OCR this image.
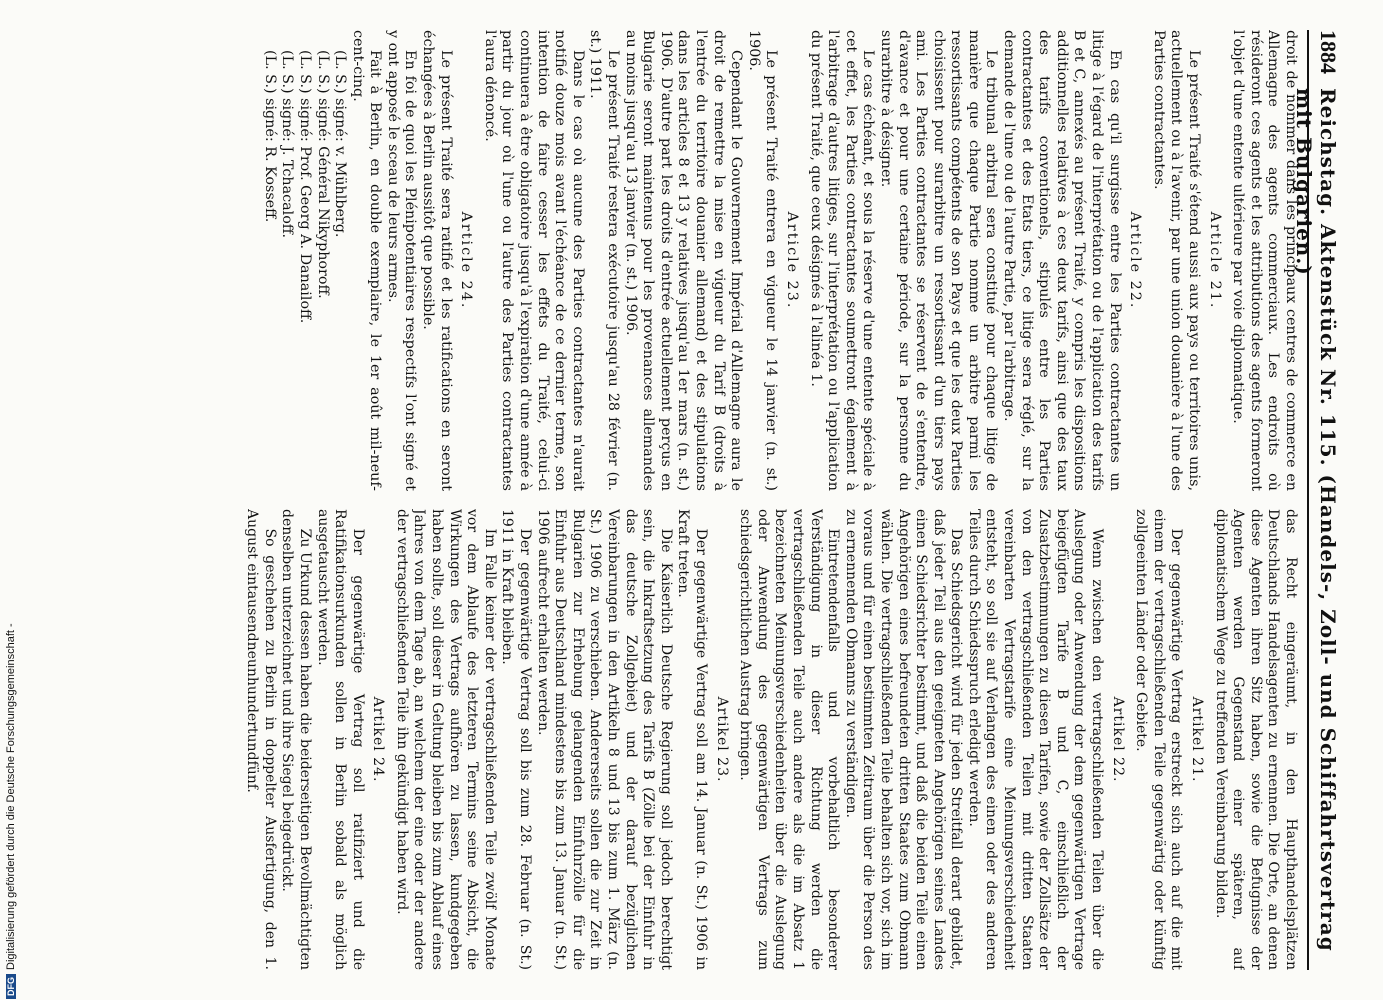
DFGDigitalisierung gefördert durch die Deutsche Forschungsgemeinschaft -
1884
Reichstag. Aktenstück Nr. 115. (Handels-, Zoll- und Schiffahrtsvertrag mit Bulgarien.)

droit de nommer dans les principaux centres de commerce en Allemagne des agents commerciaux. Les endroits où résideront ces agents et les attributions des agents formeront l'objet d'une entente ultérieure par voie diplomatique.

Article 21.

Le présent Traité s'étend aussi aux pays ou territoires unis, actuellement ou à l'avenir, par une union douanière à l'une des Parties contractantes.

Article 22.

En cas qu'il surgisse entre les Parties contractantes un litige à l'égard de l'interprétation ou de l'application des tarifs B et C, annexés au présent Traité, y compris les dispositions additionnelles relatives à ces deux tarifs, ainsi que des taux des tarifs conventionels, stipulés entre les Parties contractantes et des Etats tiers, ce litige sera réglé, sur la demande de l'une ou de l'autre Partie, par l'arbitrage.

Le tribunal arbitral sera constitué pour chaque litige de manière que chaque Partie nomme un arbitre parmi les ressortissants compétents de son Pays et que les deux Parties choisissent pour surarbitre un ressortissant d'un tiers pays ami. Les Parties contractantes se réservent de s'entendre, d'avance et pour une certaine période, sur la personne du surarbitre à désigner.

Le cas échéant, et sous la réserve d'une entente spéciale à cet effet, les Parties contractantes soumettront également à l'arbitrage d'autres litiges, sur l'interprétation ou l'application du présent Traité, que ceux désignés à l'alinéa 1.

Article 23.

Le présent Traité entrera en vigueur le 14 janvier (n. st.) 1906.

Cependant le Gouvernement Impérial d'Allemagne aura le droit de remettre la mise en vigueur du Tarif B (droits à l'entrée du territoire douanier allemand) et des stipulations dans les articles 8 et 13 y relatives jusqu'au 1er mars (n. st.) 1906. D'autre part les droits d'entrée actuellement perçus en Bulgarie seront maintenus pour les provenances allemandes au moins jusqu'au 13 janvier (n. st.) 1906.

Le présent Traité restera exécutoire jusqu'au 28 février (n. st.) 1911.

Dans le cas où aucune des Parties contractantes n'aurait notifié douze mois avant l'échéance de ce dernier terme, son intention de faire cesser les effets du Traité, celui-ci continuera à être obligatoire jusqu'à l'expiration d'une année à partir du jour où l'une ou l'autre des Parties contractantes l'aura dénoncé.

Article 24.

Le présent Traité sera ratifié et les ratifications en seront échangées à Berlin aussitôt que possible.

En foi de quoi les Plénipotentiaires respectifs l'ont signé et y ont apposé le sceau de leurs armes.

Fait à Berlin, en double exemplaire, le 1er août mil-neuf-cent-cinq.

(L. S.) signé: v. Mühlberg.

(L. S.) signé: Général Nikyphoroff.

(L. S.) signé: Prof. Georg A. Danailoff.

(L. S.) signé: J. Tchacaloff.

(L. S.) signé: R. Kosseff.

das Recht eingeräumt, in den Haupthandelsplätzen Deutschlands Handelsagenten zu ernennen. Die Orte, an denen diese Agenten ihren Sitz haben, sowie die Befugnisse der Agenten werden Gegenstand einer späteren, auf diplomatischem Wege zu treffenden Vereinbarung bilden.

Artikel 21.

Der gegenwärtige Vertrag erstreckt sich auch auf die mit einem der vertragschließenden Teile gegenwärtig oder künftig zollgeeinten Länder oder Gebiete.

Artikel 22.

Wenn zwischen den vertragschließenden Teilen über die Auslegung oder Anwendung der dem gegenwärtigen Vertrage beigefügten Tarife B und C, einschließlich der Zusatzbestimmungen zu diesen Tarifen, sowie der Zollsätze der von den vertragschließenden Teilen mit dritten Staaten vereinbarten Vertragstarife eine Meinungsverschiedenheit entsteht, so soll sie auf Verlangen des einen oder des anderen Teiles durch Schiedsspruch erledigt werden.

Das Schiedsgericht wird für jeden Streitfall derart gebildet, daß jeder Teil aus den geeigneten Angehörigen seines Landes einen Schiedsrichter bestimmt, und daß die beiden Teile einen Angehörigen eines befreundeten dritten Staates zum Obmann wählen. Die vertragschließenden Teile behalten sich vor, sich im voraus und für einen bestimmten Zeitraum über die Person des zu ernennenden Obmanns zu verständigen.

Eintretendenfalls und vorbehaltlich besonderer Verständigung in dieser Richtung werden die vertragschließenden Teile auch andere als die im Absatz 1 bezeichneten Meinungsverschiedenheiten über die Auslegung oder Anwendung des gegenwärtigen Vertrags zum schiedsgerichtlichen Austrag bringen.

Artikel 23.

Der gegenwärtige Vertrag soll am 14. Januar (n. St.) 1906 in Kraft treten.

Die Kaiserlich Deutsche Regierung soll jedoch berechtigt sein, die Inkraftsetzung des Tarifs B (Zölle bei der Einfuhr in das deutsche Zollgebiet) und der darauf bezüglichen Vereinbarungen in den Artikeln 8 und 13 bis zum 1. März (n. St.) 1906 zu verschieben. Andererseits sollen die zur Zeit in Bulgarien zur Erhebung gelangenden Einfuhrzölle für die Einfuhr aus Deutschland mindestens bis zum 13. Januar (n. St.) 1906 aufrecht erhalten werden.

Der gegenwärtige Vertrag soll bis zum 28. Februar (n. St.) 1911 in Kraft bleiben.

Im Falle keiner der vertragschließenden Teile zwölf Monate vor dem Ablaufe des letzteren Termins seine Absicht, die Wirkungen des Vertrags aufhören zu lassen, kundgegeben haben sollte, soll dieser in Geltung bleiben bis zum Ablauf eines Jahres von dem Tage ab, an welchem der eine oder der andere der vertragschließenden Teile ihn gekündigt haben wird.

Artikel 24.

Der gegenwärtige Vertrag soll ratifiziert und die Ratifikationsurkunden sollen in Berlin sobald als möglich ausgetauscht werden.

Zu Urkund dessen haben die beiderseitigen Bevollmächtigten denselben unterzeichnet und ihre Siegel beigedrückt.

So geschehen zu Berlin in doppelter Ausfertigung, den 1. August eintausendneunhundertundfünf.
